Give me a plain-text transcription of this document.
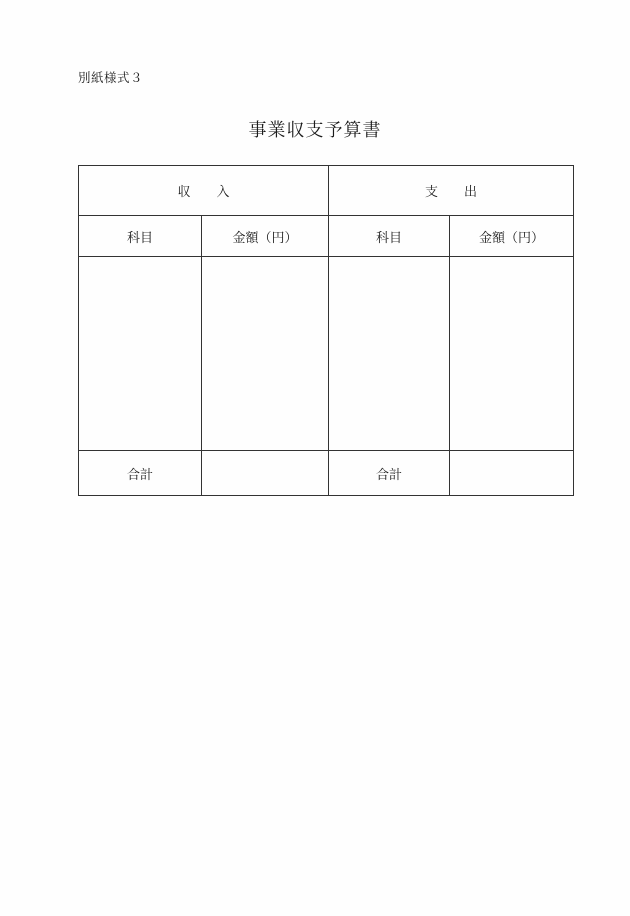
別紙様式３
事業収支予算書
収　　入		支　　出	
科目	金額（円）	科目	金額（円）

合計		合計	
